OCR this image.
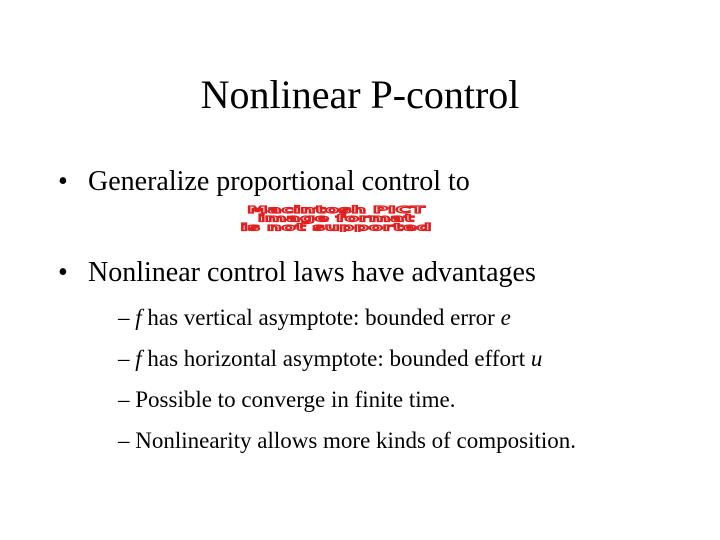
Nonlinear P-control
• Generalize proportional control to
Macintosh PICT
image format
is not supported
• Nonlinear control laws have advantages
– f has vertical asymptote: bounded error e
– f has horizontal asymptote: bounded effort u
– Possible to converge in finite time.
– Nonlinearity allows more kinds of composition.
